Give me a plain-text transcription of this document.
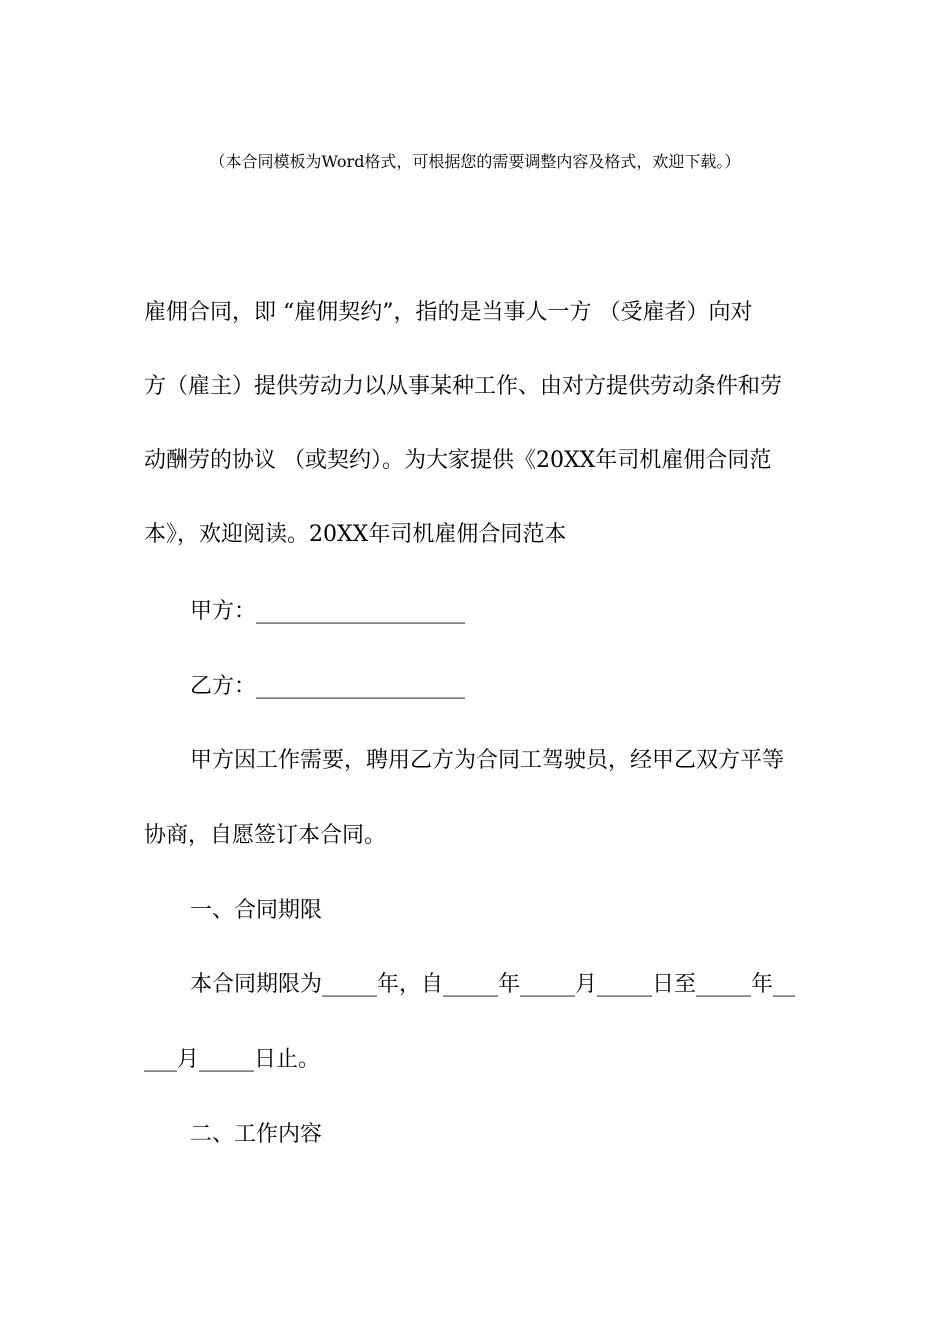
（本合同模板为Word格式，可根据您的需要调整内容及格式，欢迎下载。）
雇佣合同，即 “雇佣契约”，指的是当事人一方 （受雇者）向对
方（雇主）提供劳动力以从事某种工作、由对方提供劳动条件和劳
动酬劳的协议 （或契约）。为大家提供《20XX年司机雇佣合同范
本》，欢迎阅读。20XX年司机雇佣合同范本
甲方：___________________
乙方：___________________
甲方因工作需要，聘用乙方为合同工驾驶员，经甲乙双方平等
协商，自愿签订本合同。
一、合同期限
本合同期限为_____年，自_____年_____月_____日至_____年__
___月_____日止。
二、工作内容
